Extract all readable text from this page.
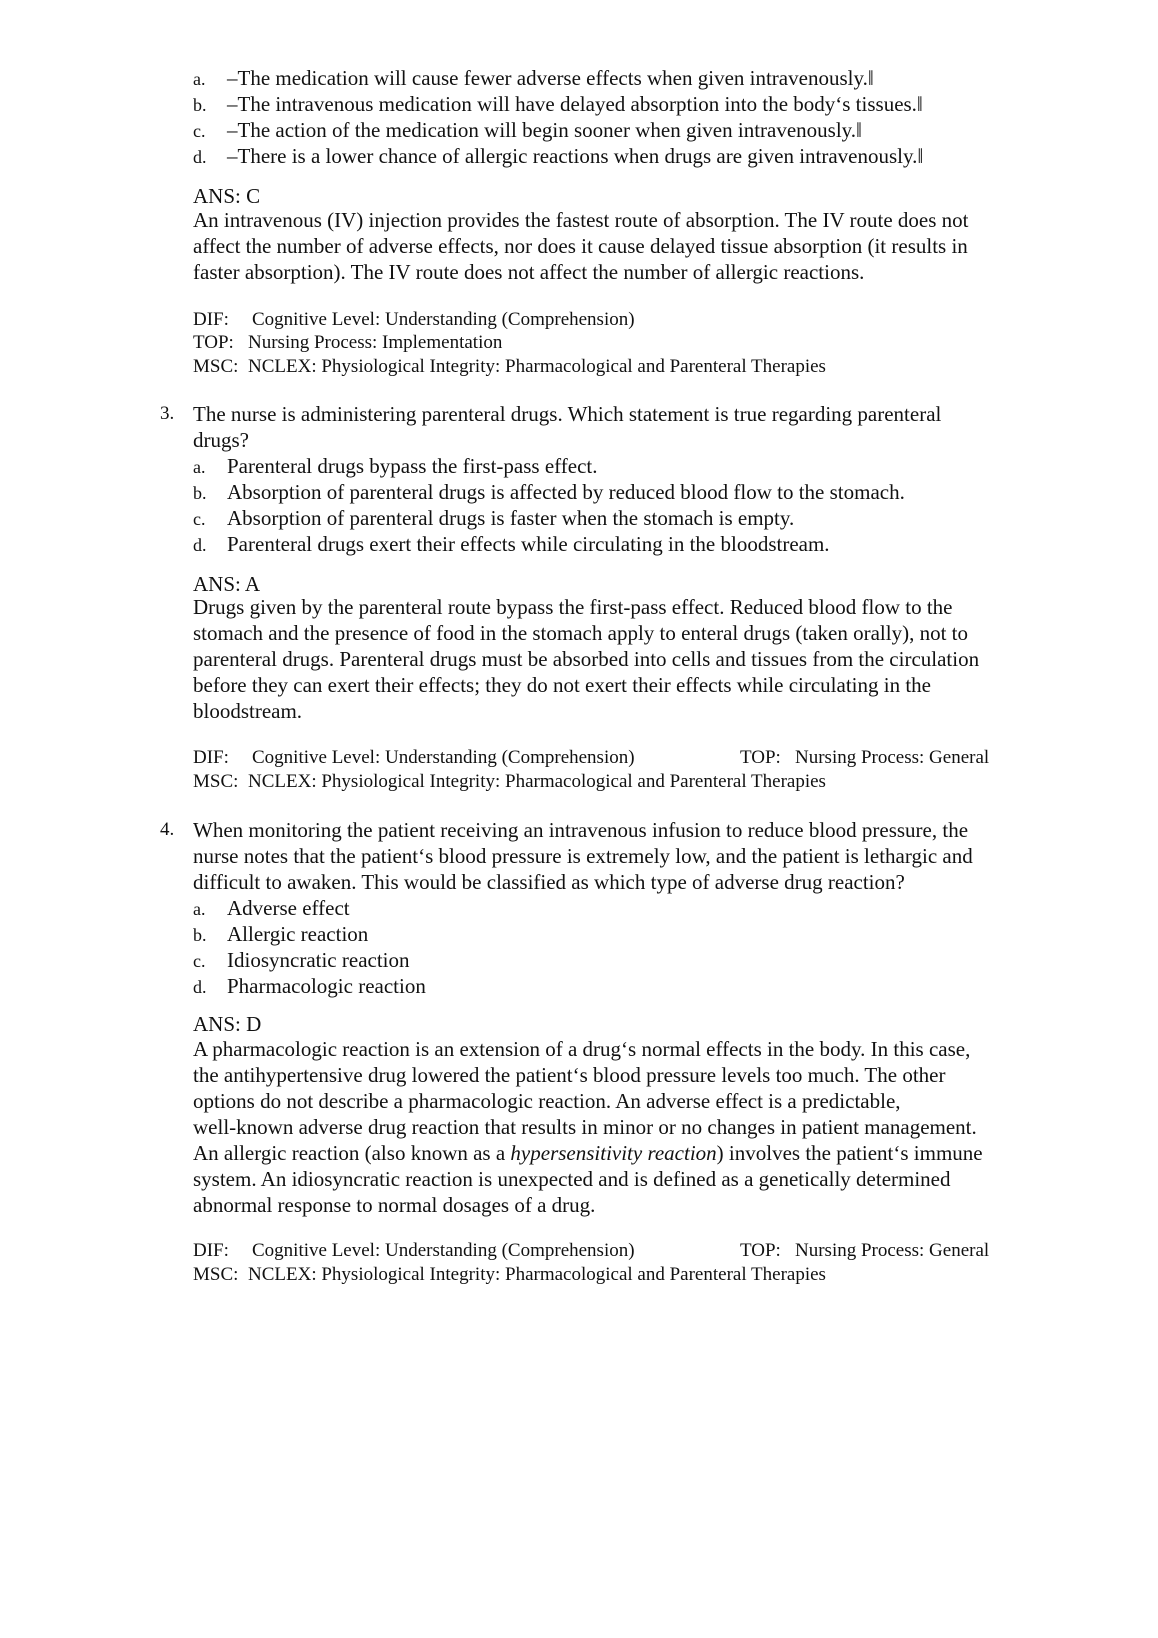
a. –The medication will cause fewer adverse effects when given intravenously.‖
b. –The intravenous medication will have delayed absorption into the body‘s tissues.‖
c. –The action of the medication will begin sooner when given intravenously.‖
d. –There is a lower chance of allergic reactions when drugs are given intravenously.‖
ANS: C
An intravenous (IV) injection provides the fastest route of absorption. The IV route does not
affect the number of adverse effects, nor does it cause delayed tissue absorption (it results in
faster absorption). The IV route does not affect the number of allergic reactions.
DIF: Cognitive Level: Understanding (Comprehension)
TOP: Nursing Process: Implementation
MSC: NCLEX: Physiological Integrity: Pharmacological and Parenteral Therapies
3. The nurse is administering parenteral drugs. Which statement is true regarding parenteral
drugs?
a. Parenteral drugs bypass the first-pass effect.
b. Absorption of parenteral drugs is affected by reduced blood flow to the stomach.
c. Absorption of parenteral drugs is faster when the stomach is empty.
d. Parenteral drugs exert their effects while circulating in the bloodstream.
ANS: A
Drugs given by the parenteral route bypass the first-pass effect. Reduced blood flow to the
stomach and the presence of food in the stomach apply to enteral drugs (taken orally), not to
parenteral drugs. Parenteral drugs must be absorbed into cells and tissues from the circulation
before they can exert their effects; they do not exert their effects while circulating in the
bloodstream.
DIF: Cognitive Level: Understanding (Comprehension)	TOP: Nursing Process: General
MSC: NCLEX: Physiological Integrity: Pharmacological and Parenteral Therapies
4. When monitoring the patient receiving an intravenous infusion to reduce blood pressure, the
nurse notes that the patient‘s blood pressure is extremely low, and the patient is lethargic and
difficult to awaken. This would be classified as which type of adverse drug reaction?
a. Adverse effect
b. Allergic reaction
c. Idiosyncratic reaction
d. Pharmacologic reaction
ANS: D
A pharmacologic reaction is an extension of a drug‘s normal effects in the body. In this case,
the antihypertensive drug lowered the patient‘s blood pressure levels too much. The other
options do not describe a pharmacologic reaction. An adverse effect is a predictable,
well-known adverse drug reaction that results in minor or no changes in patient management.
An allergic reaction (also known as a hypersensitivity reaction) involves the patient‘s immune
system. An idiosyncratic reaction is unexpected and is defined as a genetically determined
abnormal response to normal dosages of a drug.
DIF: Cognitive Level: Understanding (Comprehension)	TOP: Nursing Process: General
MSC: NCLEX: Physiological Integrity: Pharmacological and Parenteral Therapies
